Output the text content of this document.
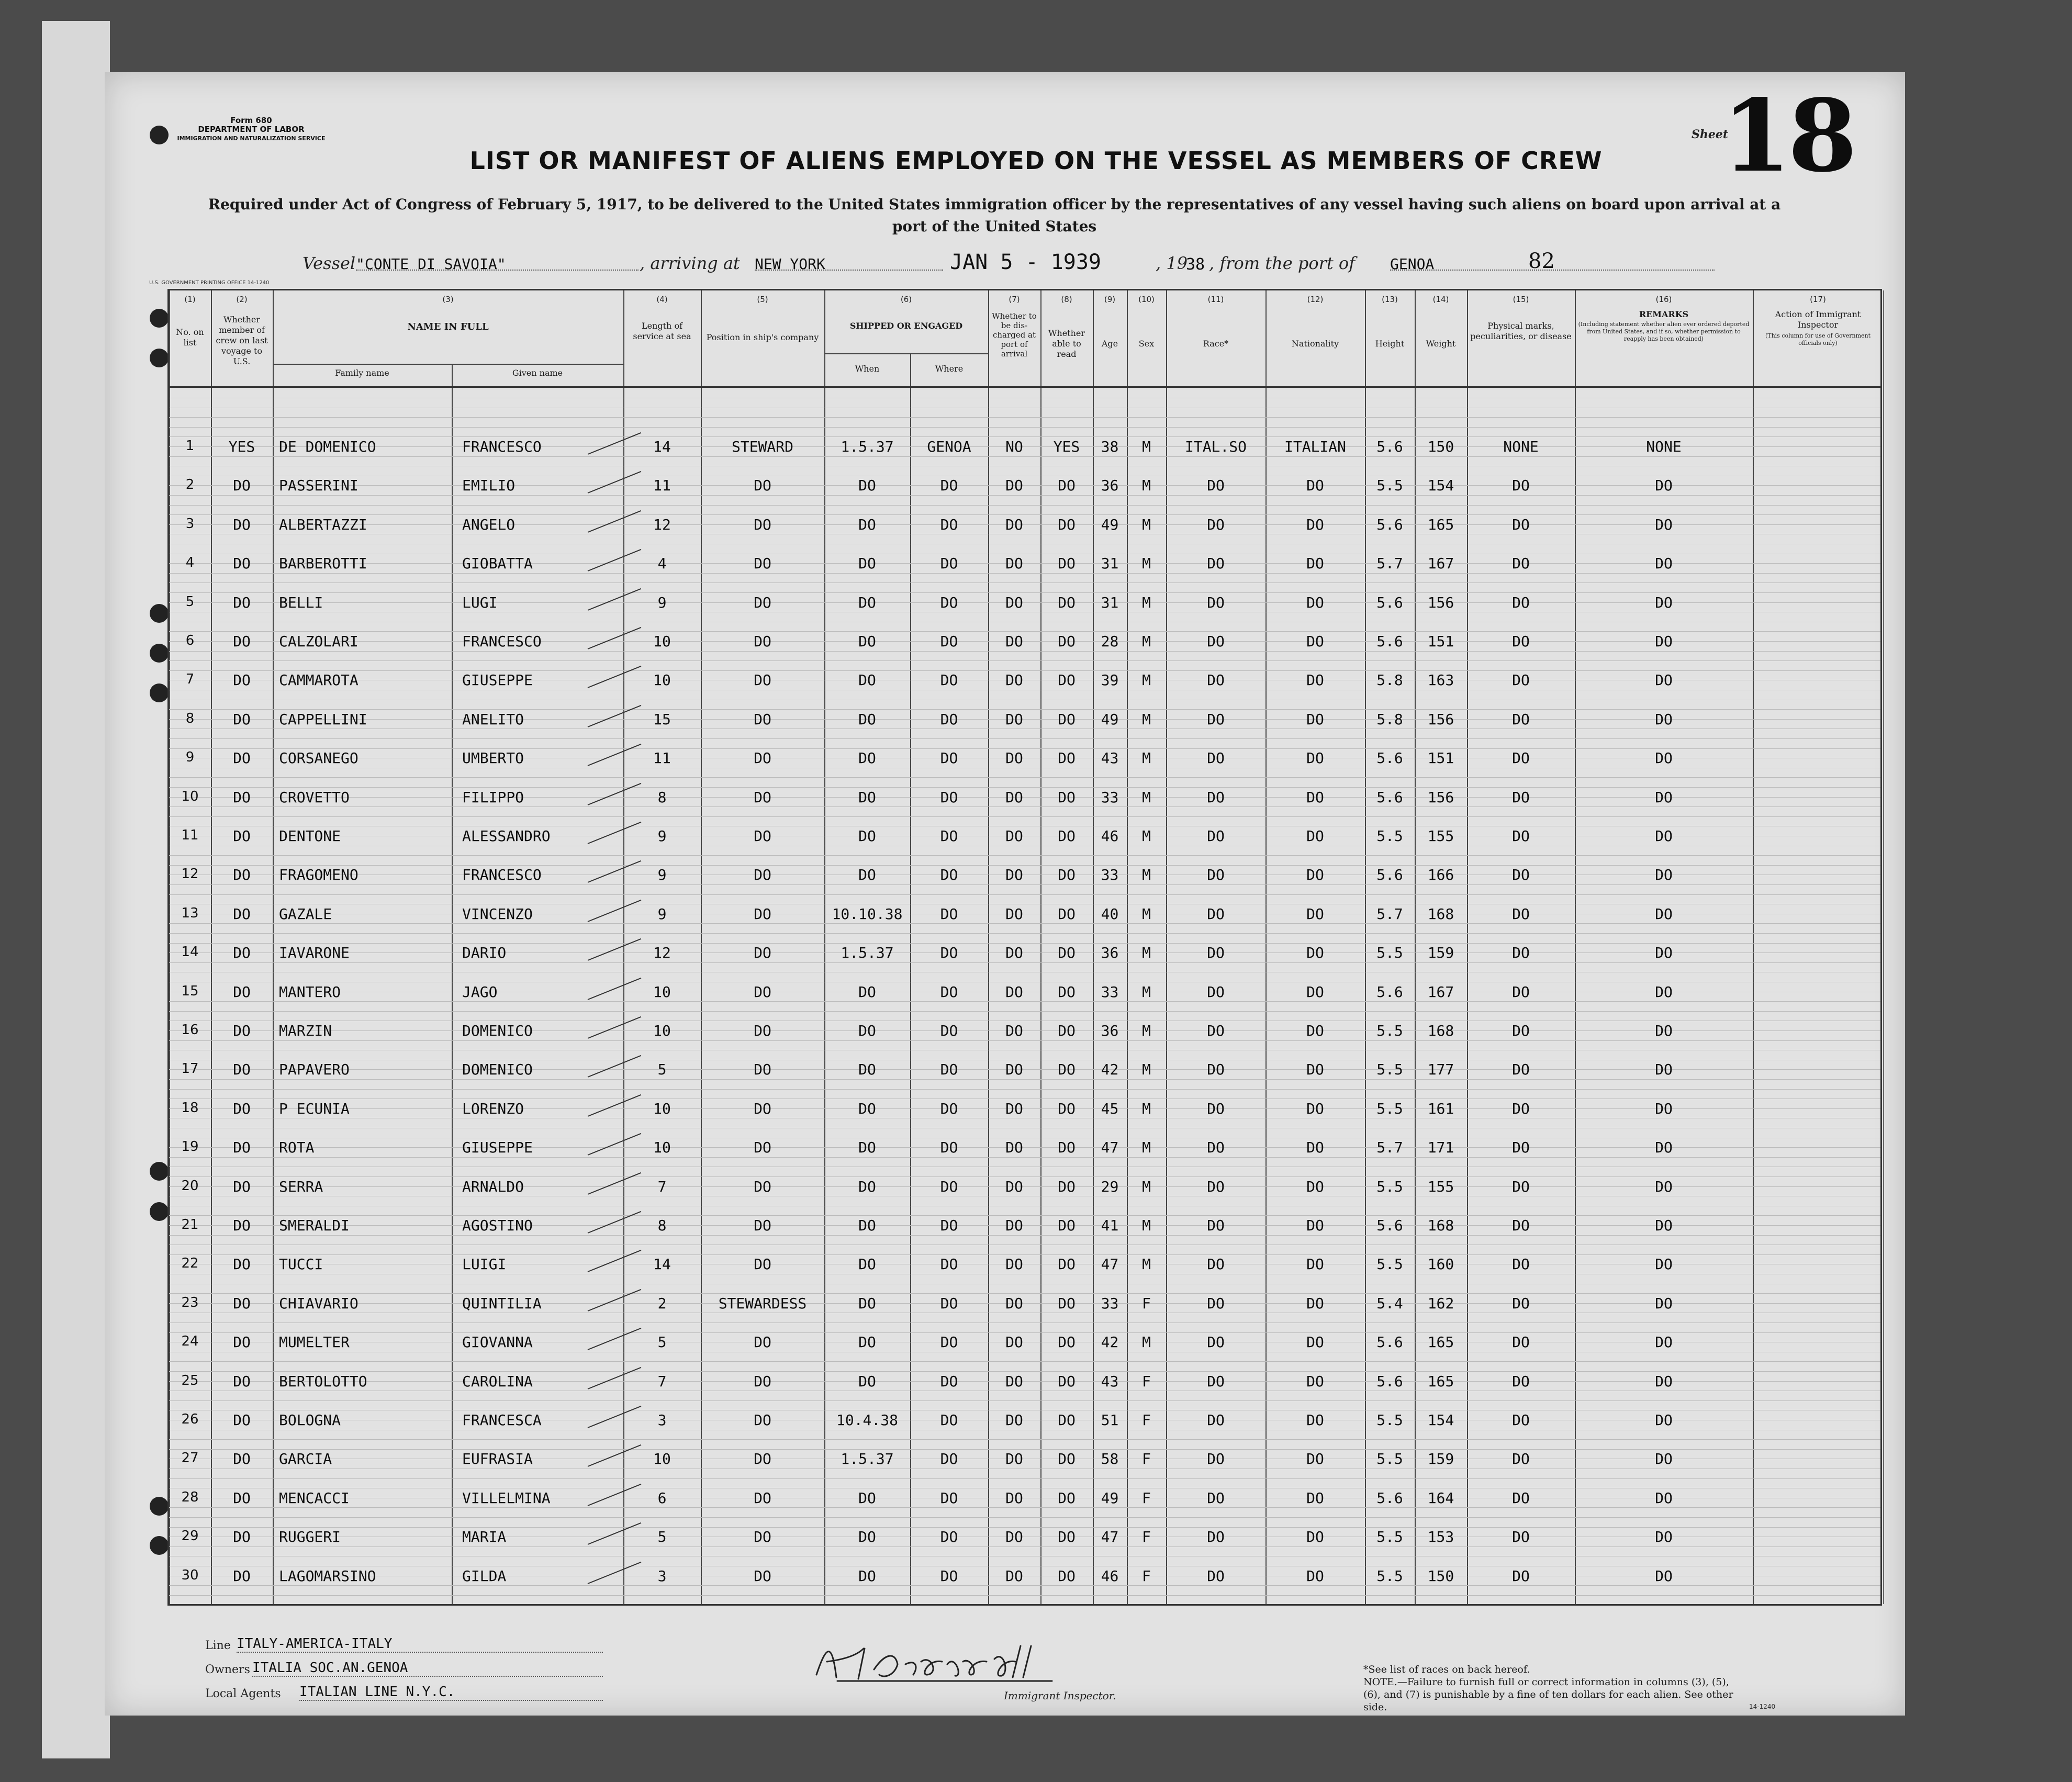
Form 680
DEPARTMENT OF LABOR
IMMIGRATION AND NATURALIZATION SERVICE	Sheet
18
LIST OR MANIFEST OF ALIENS EMPLOYED ON THE VESSEL AS MEMBERS OF CREW
Required under Act of Congress of February 5, 1917, to be delivered to the United States immigration officer by the representatives of any vessel having such aliens on board upon arrival at a port of the United States
Vessel "CONTE DI SAVOIA"	, arriving at NEW YORK	JAN 5 - 1939	, 19
38 , from the port of GENOA	82
U.S. GOVERNMENT PRINTING OFFICE 14-1240
(1)	(2)	(3)	(4)	(5)	(6)	(7)	(8)	(9)	(10)	(11)	(12)	(13)	(14)	(15)	(16)	(17)
No. on list
Whether member of crew on last voyage to U.S.
NAME IN FULL
Family name	Given name
Length of service at sea	Position in ship's company
SHIPPED OR ENGAGED
When	Where
Whether to be dis-charged at port of arrival
Whether able to read
Age	Sex	Race*	Nationality	Height	Weight
Physical marks, peculiarities, or disease
REMARKS
(Including statement whether alien ever ordered deported from United States, and if so, whether permission to reapply has been obtained)
Action of Immigrant Inspector
(This column for use of Government officials only)
1	YES	DE DOMENICO	FRANCESCO	14	STEWARD	1.5.37	GENOA	NO	YES	38	M	ITAL.SO	ITALIAN	5.6	150	NONE	NONE
2	DO	PASSERINI	EMILIO	11	DO	DO	DO	DO	DO	36	M	DO	DO	5.5	154	DO	DO
3	DO	ALBERTAZZI	ANGELO	12	DO	DO	DO	DO	DO	49	M	DO	DO	5.6	165	DO	DO
4	DO	BARBEROTTI	GIOBATTA	4	DO	DO	DO	DO	DO	31	M	DO	DO	5.7	167	DO	DO
5	DO	BELLI	LUGI	9	DO	DO	DO	DO	DO	31	M	DO	DO	5.6	156	DO	DO
6	DO	CALZOLARI	FRANCESCO	10	DO	DO	DO	DO	DO	28	M	DO	DO	5.6	151	DO	DO
7	DO	CAMMAROTA	GIUSEPPE	10	DO	DO	DO	DO	DO	39	M	DO	DO	5.8	163	DO	DO
8	DO	CAPPELLINI	ANELITO	15	DO	DO	DO	DO	DO	49	M	DO	DO	5.8	156	DO	DO
9	DO	CORSANEGO	UMBERTO	11	DO	DO	DO	DO	DO	43	M	DO	DO	5.6	151	DO	DO
10	DO	CROVETTO	FILIPPO	8	DO	DO	DO	DO	DO	33	M	DO	DO	5.6	156	DO	DO
11	DO	DENTONE	ALESSANDRO	9	DO	DO	DO	DO	DO	46	M	DO	DO	5.5	155	DO	DO
12	DO	FRAGOMENO	FRANCESCO	9	DO	DO	DO	DO	DO	33	M	DO	DO	5.6	166	DO	DO
13	DO	GAZALE	VINCENZO	9	DO	10.10.38	DO	DO	DO	40	M	DO	DO	5.7	168	DO	DO
14	DO	IAVARONE	DARIO	12	DO	1.5.37	DO	DO	DO	36	M	DO	DO	5.5	159	DO	DO
15	DO	MANTERO	JAGO	10	DO	DO	DO	DO	DO	33	M	DO	DO	5.6	167	DO	DO
16	DO	MARZIN	DOMENICO	10	DO	DO	DO	DO	DO	36	M	DO	DO	5.5	168	DO	DO
17	DO	PAPAVERO	DOMENICO	5	DO	DO	DO	DO	DO	42	M	DO	DO	5.5	177	DO	DO
18	DO	P ECUNIA	LORENZO	10	DO	DO	DO	DO	DO	45	M	DO	DO	5.5	161	DO	DO
19	DO	ROTA	GIUSEPPE	10	DO	DO	DO	DO	DO	47	M	DO	DO	5.7	171	DO	DO
20	DO	SERRA	ARNALDO	7	DO	DO	DO	DO	DO	29	M	DO	DO	5.5	155	DO	DO
21	DO	SMERALDI	AGOSTINO	8	DO	DO	DO	DO	DO	41	M	DO	DO	5.6	168	DO	DO
22	DO	TUCCI	LUIGI	14	DO	DO	DO	DO	DO	47	M	DO	DO	5.5	160	DO	DO
23	DO	CHIAVARIO	QUINTILIA	2	STEWARDESS	DO	DO	DO	DO	33	F	DO	DO	5.4	162	DO	DO
24	DO	MUMELTER	GIOVANNA	5	DO	DO	DO	DO	DO	42	M	DO	DO	5.6	165	DO	DO
25	DO	BERTOLOTTO	CAROLINA	7	DO	DO	DO	DO	DO	43	F	DO	DO	5.6	165	DO	DO
26	DO	BOLOGNA	FRANCESCA	3	DO	10.4.38	DO	DO	DO	51	F	DO	DO	5.5	154	DO	DO
27	DO	GARCIA	EUFRASIA	10	DO	1.5.37	DO	DO	DO	58	F	DO	DO	5.5	159	DO	DO
28	DO	MENCACCI	VILLELMINA	6	DO	DO	DO	DO	DO	49	F	DO	DO	5.6	164	DO	DO
29	DO	RUGGERI	MARIA	5	DO	DO	DO	DO	DO	47	F	DO	DO	5.5	153	DO	DO
30	DO	LAGOMARSINO	GILDA	3	DO	DO	DO	DO	DO	46	F	DO	DO	5.5	150	DO	DO
Line ITALY-AMERICA-ITALY
Owners ITALIA SOC.AN.GENOA
Local Agents ITALIAN LINE N.Y.C.	Immigrant Inspector.
*See list of races on back hereof.
NOTE.—Failure to furnish full or correct information in columns (3), (5), (6), and (7) is punishable by a fine of ten dollars for each alien. See other side.	14-1240
